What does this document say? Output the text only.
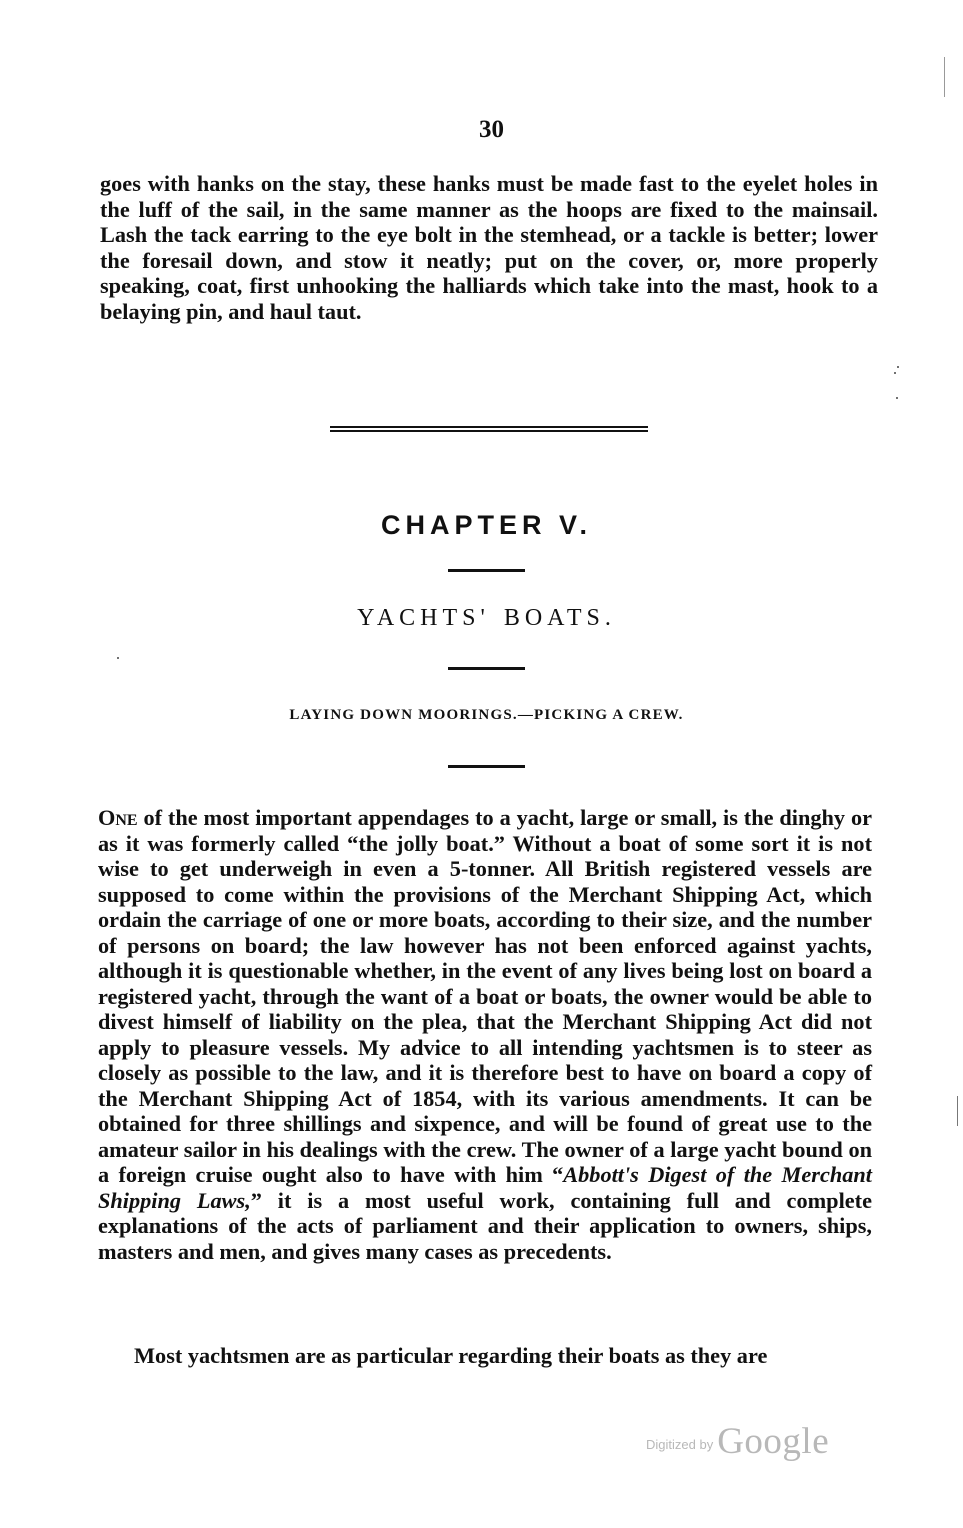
30
goes with hanks on the stay, these hanks must be made fast to the eyelet holes in the luff of the sail, in the same manner as the hoops are fixed to the mainsail. Lash the tack earring to the eye bolt in the stemhead, or a tackle is better; lower the foresail down, and stow it neatly; put on the cover, or, more properly speaking, coat, first unhooking the halliards which take into the mast, hook to a belaying pin, and haul taut.
CHAPTER V.
YACHTS' BOATS.
LAYING DOWN MOORINGS.—PICKING A CREW.
One of the most important appendages to a yacht, large or small, is the dinghy or as it was formerly called “the jolly boat.” Without a boat of some sort it is not wise to get underweigh in even a 5-tonner. All British registered vessels are supposed to come within the provisions of the Merchant Shipping Act, which ordain the carriage of one or more boats, according to their size, and the number of persons on board; the law however has not been enforced against yachts, although it is questionable whether, in the event of any lives being lost on board a registered yacht, through the want of a boat or boats, the owner would be able to divest himself of liability on the plea, that the Merchant Shipping Act did not apply to pleasure vessels. My advice to all intending yachtsmen is to steer as closely as possible to the law, and it is therefore best to have on board a copy of the Merchant Shipping Act of 1854, with its various amendments. It can be obtained for three shillings and sixpence, and will be found of great use to the amateur sailor in his dealings with the crew. The owner of a large yacht bound on a foreign cruise ought also to have with him “Abbott's Digest of the Merchant Shipping Laws,” it is a most useful work, containing full and complete explanations of the acts of parliament and their application to owners, ships, masters and men, and gives many cases as precedents.
Most yachtsmen are as particular regarding their boats as they are
$^{Digitized by}$ Google
